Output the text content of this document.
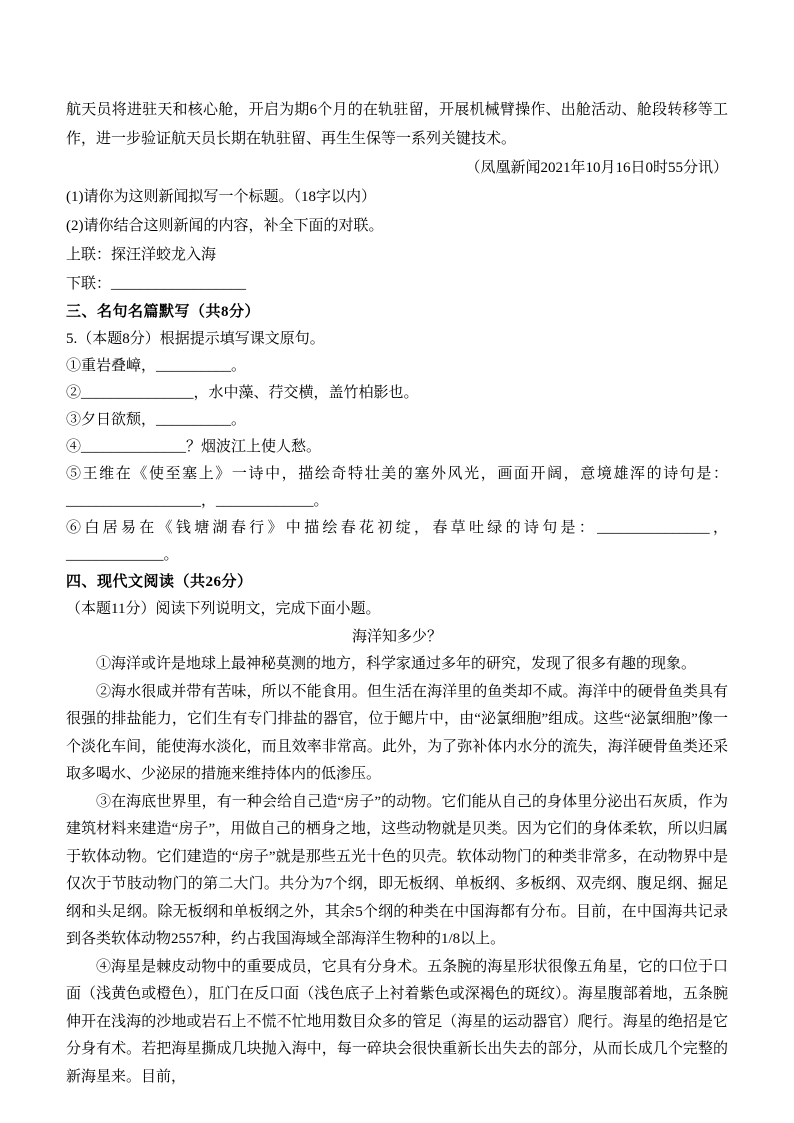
航天员将进驻天和核心舱，开启为期6个月的在轨驻留，开展机械臂操作、出舱活动、舱段转移等工作，进一步验证航天员长期在轨驻留、再生生保等一系列关键技术。

（凤凰新闻2021年10月16日0时55分讯）

(1)请你为这则新闻拟写一个标题。（18字以内）

(2)请你结合这则新闻的内容，补全下面的对联。

上联：探汪洋蛟龙入海

下联：__________________

三、名句名篇默写（共8分）

5.（本题8分）根据提示填写课文原句。

①重岩叠嶂，__________。

②_______________，水中藻、荇交横，盖竹柏影也。

③夕日欲颓，__________。

④______________？烟波江上使人愁。

⑤王维在《使至塞上》一诗中，描绘奇特壮美的塞外风光，画面开阔，意境雄浑的诗句是：__________________，_____________。

⑥白居易在《钱塘湖春行》中描绘春花初绽，春草吐绿的诗句是：_______________，_____________。

四、现代文阅读（共26分）

（本题11分）阅读下列说明文，完成下面小题。

海洋知多少？

①海洋或许是地球上最神秘莫测的地方，科学家通过多年的研究，发现了很多有趣的现象。

②海水很咸并带有苦味，所以不能食用。但生活在海洋里的鱼类却不咸。海洋中的硬骨鱼类具有很强的排盐能力，它们生有专门排盐的器官，位于鳃片中，由“泌氯细胞”组成。这些“泌氯细胞”像一个淡化车间，能使海水淡化，而且效率非常高。此外，为了弥补体内水分的流失，海洋硬骨鱼类还采取多喝水、少泌尿的措施来维持体内的低渗压。

③在海底世界里，有一种会给自己造“房子”的动物。它们能从自己的身体里分泌出石灰质，作为建筑材料来建造“房子”，用做自己的栖身之地，这些动物就是贝类。因为它们的身体柔软，所以归属于软体动物。它们建造的“房子”就是那些五光十色的贝壳。软体动物门的种类非常多，在动物界中是仅次于节肢动物门的第二大门。共分为7个纲，即无板纲、单板纲、多板纲、双壳纲、腹足纲、掘足纲和头足纲。除无板纲和单板纲之外，其余5个纲的种类在中国海都有分布。目前，在中国海共记录到各类软体动物2557种，约占我国海域全部海洋生物种的1/8以上。

④海星是棘皮动物中的重要成员，它具有分身术。五条腕的海星形状很像五角星，它的口位于口面（浅黄色或橙色），肛门在反口面（浅色底子上衬着紫色或深褐色的斑纹）。海星腹部着地，五条腕伸开在浅海的沙地或岩石上不慌不忙地用数目众多的管足（海星的运动器官）爬行。海星的绝招是它分身有术。若把海星撕成几块抛入海中，每一碎块会很快重新长出失去的部分，从而长成几个完整的新海星来。目前，
